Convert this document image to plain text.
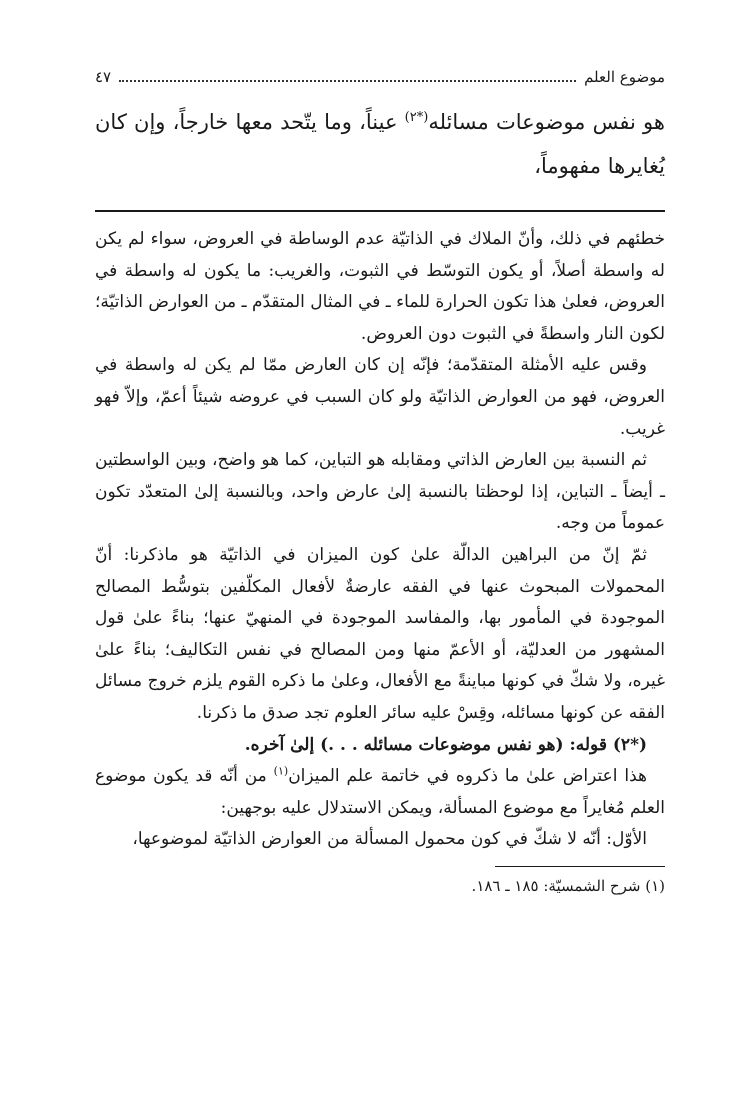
موضوع العلم
٤٧
هو نفس موضوعات مسائله$^{(*٢)}$ عيناً، وما يتّحد معها خارجاً، وإن كان يُغايرها مفهوماً،

خطئهم في ذلك، وأنّ الملاك في الذاتيّة عدم الوساطة في العروض، سواء لم يكن له واسطة أصلاً، أو يكون التوسّط في الثبوت، والغريب: ما يكون له واسطة في العروض، فعلىٰ هذا تكون الحرارة للماء ـ في المثال المتقدّم ـ من العوارض الذاتيّة؛ لكون النار واسطةً في الثبوت دون العروض.

وقس عليه الأمثلة المتقدّمة؛ فإنّه إن كان العارض ممّا لم يكن له واسطة في العروض، فهو من العوارض الذاتيّة ولو كان السبب في عروضه شيئاً أعمّ، وإلاّ فهو غريب.

ثم النسبة بين العارض الذاتي ومقابله هو التباين، كما هو واضح، وبين الواسطتين ـ أيضاً ـ التباين، إذا لوحظتا بالنسبة إلىٰ عارض واحد، وبالنسبة إلىٰ المتعدّد تكون عموماً من وجه.

ثمّ إنّ من البراهين الدالّة علىٰ كون الميزان في الذاتيّة هو ماذكرنا: أنّ المحمولات المبحوث عنها في الفقه عارضةٌ لأفعال المكلّفين بتوسُّط المصالح الموجودة في المأمور بها، والمفاسد الموجودة في المنهيّ عنها؛ بناءً علىٰ قول المشهور من العدليّة، أو الأعمّ منها ومن المصالح في نفس التكاليف؛ بناءً علىٰ غيره، ولا شكّ في كونها مباينةً مع الأفعال، وعلىٰ ما ذكره القوم يلزم خروج مسائل الفقه عن كونها مسائله، وقِسْ عليه سائر العلوم تجد صدق ما ذكرنا.

(*٢) قوله: (هو نفس موضوعات مسائله . . .) إلىٰ آخره.

هذا اعتراض علىٰ ما ذكروه في خاتمة علم الميزان$^{(١)}$ من أنّه قد يكون موضوع العلم مُغايراً مع موضوع المسألة، ويمكن الاستدلال عليه بوجهين:

الأوّل: أنّه لا شكّ في كون محمول المسألة من العوارض الذاتيّة لموضوعها،

(١) شرح الشمسيّة: ١٨٥ ـ ١٨٦.
